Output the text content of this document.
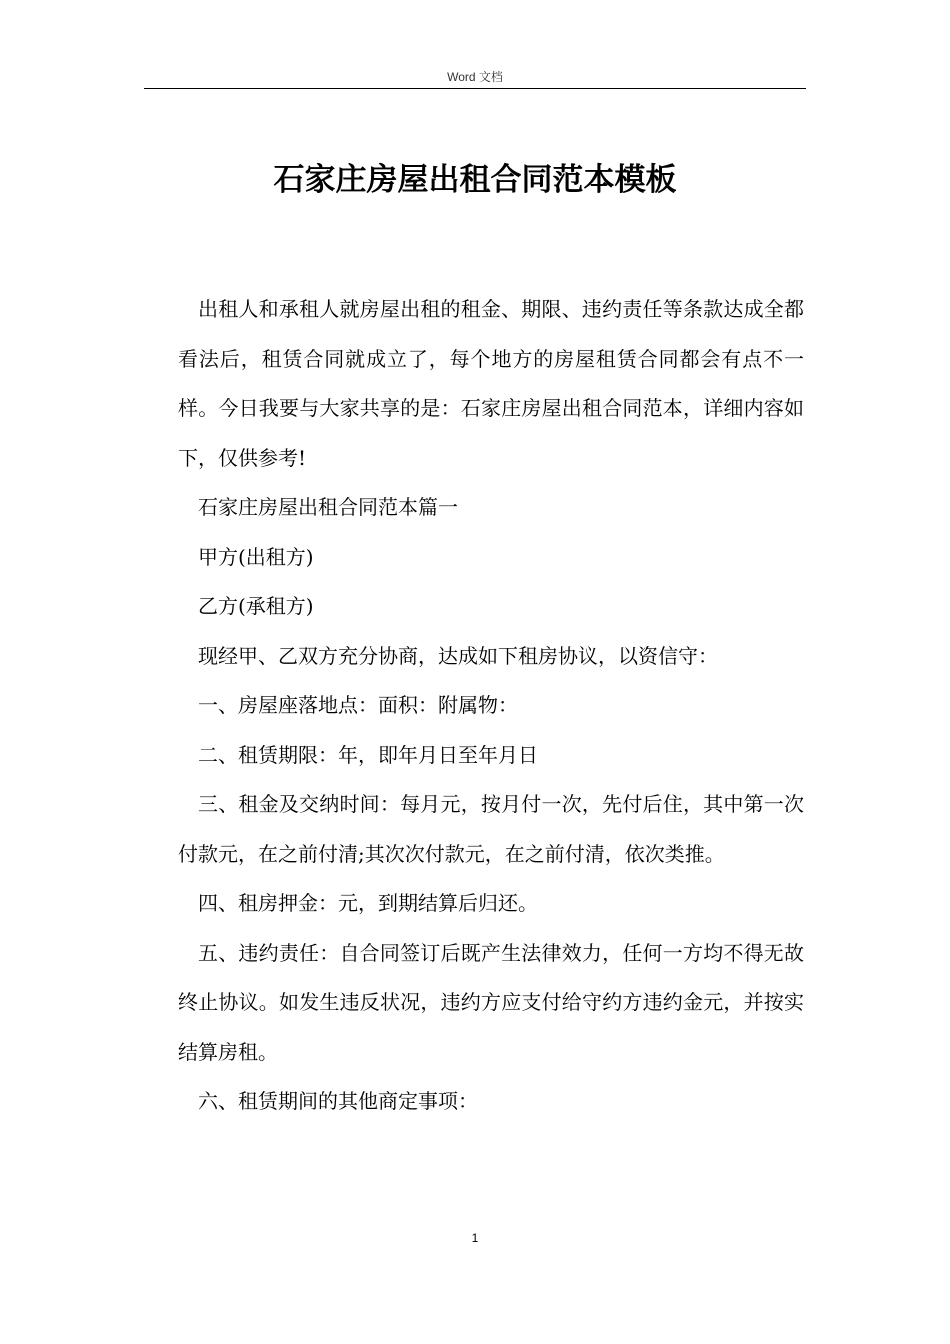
Word 文档
石家庄房屋出租合同范本模板

出租人和承租人就房屋出租的租金、期限、违约责任等条款达成全都看法后，租赁合同就成立了，每个地方的房屋租赁合同都会有点不一样。今日我要与大家共享的是：石家庄房屋出租合同范本，详细内容如下，仅供参考!

石家庄房屋出租合同范本篇一

甲方(出租方)

乙方(承租方)

现经甲、乙双方充分协商，达成如下租房协议，以资信守：

一、房屋座落地点：面积：附属物：

二、租赁期限：年，即年月日至年月日

三、租金及交纳时间：每月元，按月付一次，先付后住，其中第一次付款元，在之前付清;其次次付款元，在之前付清，依次类推。

四、租房押金：元，到期结算后归还。

五、违约责任：自合同签订后既产生法律效力，任何一方均不得无故终止协议。如发生违反状况，违约方应支付给守约方违约金元，并按实结算房租。

六、租赁期间的其他商定事项：

1
